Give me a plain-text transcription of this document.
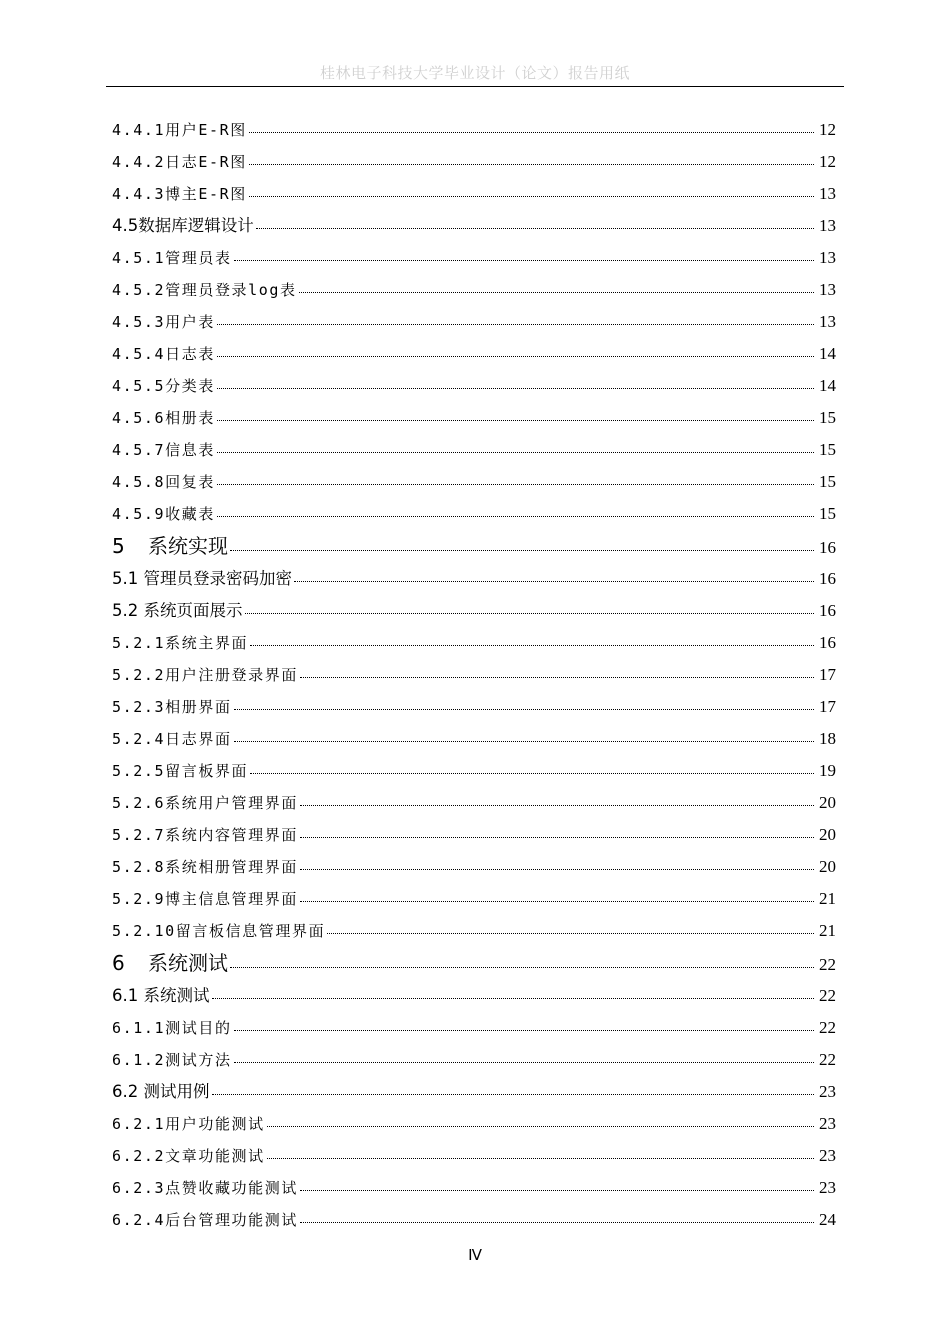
桂林电子科技大学毕业设计（论文）报告用纸
4.4.1用户E-R图	12
4.4.2日志E-R图	12
4.4.3博主E-R图	13
4.5数据库逻辑设计	13
4.5.1管理员表	13
4.5.2管理员登录log表	13
4.5.3用户表	13
4.5.4日志表	14
4.5.5分类表	14
4.5.6相册表	15
4.5.7信息表	15
4.5.8回复表	15
4.5.9收藏表	15
5	系统实现	16
5.1 管理员登录密码加密	16
5.2 系统页面展示	16
5.2.1系统主界面	16
5.2.2用户注册登录界面	17
5.2.3相册界面	17
5.2.4日志界面	18
5.2.5留言板界面	19
5.2.6系统用户管理界面	20
5.2.7系统内容管理界面	20
5.2.8系统相册管理界面	20
5.2.9博主信息管理界面	21
5.2.10留言板信息管理界面	21
6	系统测试	22
6.1 系统测试	22
6.1.1测试目的	22
6.1.2测试方法	22
6.2 测试用例	23
6.2.1用户功能测试	23
6.2.2文章功能测试	23
6.2.3点赞收藏功能测试	23
6.2.4后台管理功能测试	24
Ⅳ
